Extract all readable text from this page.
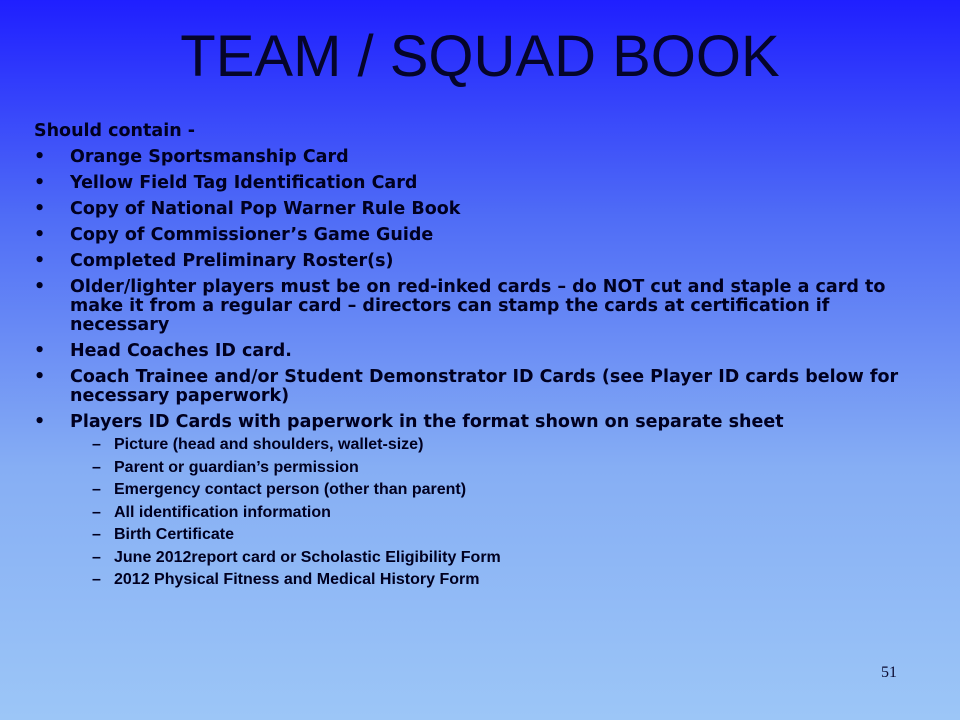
TEAM / SQUAD BOOK

Should contain -

• Orange Sportsmanship Card
• Yellow Field Tag Identification Card
• Copy of National Pop Warner Rule Book
• Copy of Commissioner’s Game Guide
• Completed Preliminary Roster(s)
• Older/lighter players must be on red-inked cards – do NOT cut and staple a card to make it from a regular card – directors can stamp the cards at certification if necessary
• Head Coaches ID card.
• Coach Trainee and/or Student Demonstrator ID Cards (see Player ID cards below for necessary paperwork)
• Players ID Cards with paperwork in the format shown on separate sheet
– Picture (head and shoulders, wallet-size)
– Parent or guardian’s permission
– Emergency contact person (other than parent)
– All identification information
– Birth Certificate
– June 2012report card or Scholastic Eligibility Form
– 2012 Physical Fitness and Medical History Form
51
